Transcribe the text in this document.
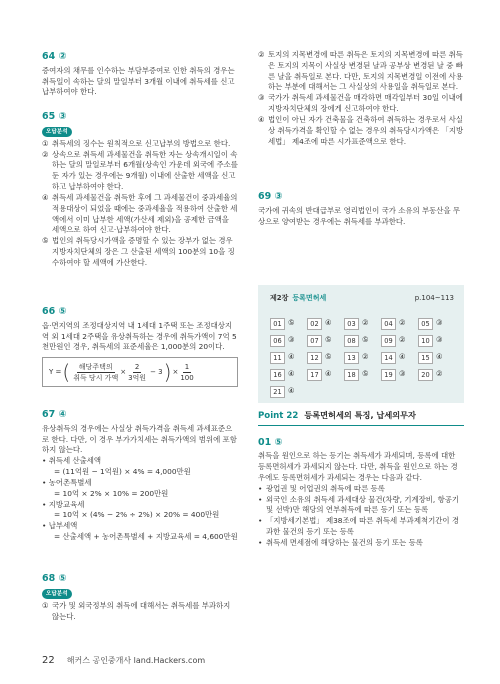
64 ②

증여자의 채무를 인수하는 부담부증여로 인한 취득의 경우는 취득일이 속하는 달의 말일부터 3개월 이내에 취득세를 신고납부하여야 한다.

65 ③
오답분석
① 취득세의 징수는 원칙적으로 신고납부의 방법으로 한다.
② 상속으로 취득세 과세물건을 취득한 자는 상속개시일이 속하는 달의 말일로부터 6개월(상속인 가운데 외국에 주소를 둔 자가 있는 경우에는 9개월) 이내에 산출한 세액을 신고하고 납부하여야 한다.
④ 취득세 과세물건을 취득한 후에 그 과세물건이 중과세율의 적용대상이 되었을 때에는 중과세율을 적용하여 산출한 세액에서 이미 납부한 세액(가산세 제외)을 공제한 금액을 세액으로 하여 신고·납부하여야 한다.
⑤ 법인의 취득당시가액을 증명할 수 있는 장부가 없는 경우 지방자치단체의 장은 그 산출된 세액의 100분의 10을 징수하여야 할 세액에 가산한다.
66 ⑤

읍·면지역의 조정대상지역 내 1세대 1주택 또는 조정대상지역 외 1세대 2주택을 유상취득하는 경우에 취득가액이 7억 5천만원인 경우, 취득세의 표준세율은 1,000분의 20이다.

Y = ( $\frac{\text{해당주택의}}{\text{취득 당시 가액}} \times \frac{2}{\text{3억원}} - 3$ ) × $\frac{1}{100}$
67 ④

유상취득의 경우에는 사실상 취득가격을 취득세 과세표준으로 한다. 다만, 이 경우 부가가치세는 취득가액의 범위에 포함하지 않는다.

• 취득세 산출세액

= (11억원 − 1억원) × 4% = 4,000만원

• 농어촌특별세

= 10억 × 2% × 10% = 200만원

• 지방교육세

= 10억 × (4% − 2% ÷ 2%) × 20% = 400만원

• 납부세액

= 산출세액 + 농어촌특별세 + 지방교육세 = 4,600만원

68 ⑤
오답분석
① 국가 및 외국정부의 취득에 대해서는 취득세를 부과하지 않는다.
② 토지의 지목변경에 따른 취득은 토지의 지목변경에 따른 취득은 토지의 지목이 사실상 변경된 날과 공부상 변경된 날 중 빠른 날을 취득일로 본다. 다만, 토지의 지목변경일 이전에 사용하는 부분에 대해서는 그 사실상의 사용일을 취득일로 본다.
③ 국가가 취득세 과세물건을 매각하면 매각일부터 30일 이내에 지방자치단체의 장에게 신고하여야 한다.
④ 법인이 아닌 자가 건축물을 건축하여 취득하는 경우로서 사실상 취득가격을 확인할 수 없는 경우의 취득당시가액은 「지방세법」 제4조에 따른 시가표준액으로 한다.
69 ③

국가에 귀속의 반대급부로 영리법인이 국가 소유의 부동산을 무상으로 양여받는 경우에는 취득세를 부과한다.

제2장 등록면허세	p.104~113
01 ⑤	02 ④	03 ②	04 ②	05 ③
06 ③	07 ⑤	08 ⑤	09 ②	10 ③
11 ④	12 ⑤	13 ②	14 ④	15 ④
16 ④	17 ④	18 ⑤	19 ③	20 ②
21 ④
Point 22 등록면허세의 특징, 납세의무자
01 ⑤

취득을 원인으로 하는 등기는 취득세가 과세되며, 등록에 대한 등록면허세가 과세되지 않는다. 다만, 취득을 원인으로 하는 경우에도 등록면허세가 과세되는 경우는 다음과 같다.

• 광업권 및 어업권의 취득에 따른 등록

• 외국인 소유의 취득세 과세대상 물건(차량, 기계장비, 항공기 및 선박)만 해당의 연부취득에 따른 등기 또는 등록

• 「지방세기본법」 제38조에 따른 취득세 부과제척기간이 경과한 물건의 등기 또는 등록

• 취득세 면세점에 해당하는 물건의 등기 또는 등록

22 해커스 공인중개사 land.Hackers.com
